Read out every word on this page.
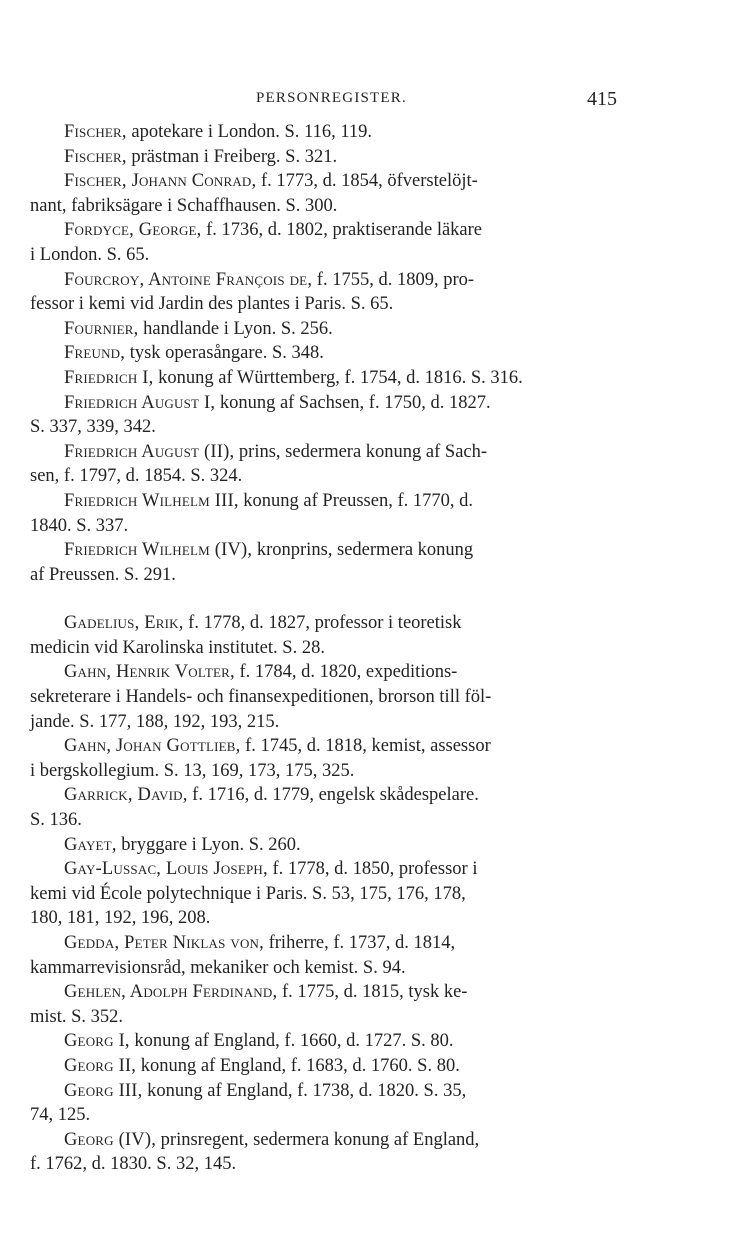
PERSONREGISTER.	415

Fischer, apotekare i London. S. 116, 119.

Fischer, prästman i Freiberg. S. 321.

Fischer, Johann Conrad, f. 1773, d. 1854, öfverstelöjt-
nant, fabriksägare i Schaffhausen. S. 300.

Fordyce, George, f. 1736, d. 1802, praktiserande läkare
i London. S. 65.

Fourcroy, Antoine François de, f. 1755, d. 1809, pro-
fessor i kemi vid Jardin des plantes i Paris. S. 65.

Fournier, handlande i Lyon. S. 256.

Freund, tysk operasångare. S. 348.

Friedrich I, konung af Württemberg, f. 1754, d. 1816. S. 316.

Friedrich August I, konung af Sachsen, f. 1750, d. 1827.
S. 337, 339, 342.

Friedrich August (II), prins, sedermera konung af Sach-
sen, f. 1797, d. 1854. S. 324.

Friedrich Wilhelm III, konung af Preussen, f. 1770, d.
1840. S. 337.

Friedrich Wilhelm (IV), kronprins, sedermera konung
af Preussen. S. 291.

Gadelius, Erik, f. 1778, d. 1827, professor i teoretisk
medicin vid Karolinska institutet. S. 28.

Gahn, Henrik Volter, f. 1784, d. 1820, expeditions-
sekreterare i Handels- och finansexpeditionen, brorson till föl-
jande. S. 177, 188, 192, 193, 215.

Gahn, Johan Gottlieb, f. 1745, d. 1818, kemist, assessor
i bergskollegium. S. 13, 169, 173, 175, 325.

Garrick, David, f. 1716, d. 1779, engelsk skådespelare.
S. 136.

Gayet, bryggare i Lyon. S. 260.

Gay-Lussac, Louis Joseph, f. 1778, d. 1850, professor i
kemi vid École polytechnique i Paris. S. 53, 175, 176, 178,
180, 181, 192, 196, 208.

Gedda, Peter Niklas von, friherre, f. 1737, d. 1814,
kammarrevisionsråd, mekaniker och kemist. S. 94.

Gehlen, Adolph Ferdinand, f. 1775, d. 1815, tysk ke-
mist. S. 352.

Georg I, konung af England, f. 1660, d. 1727. S. 80.

Georg II, konung af England, f. 1683, d. 1760. S. 80.

Georg III, konung af England, f. 1738, d. 1820. S. 35,
74, 125.

Georg (IV), prinsregent, sedermera konung af England,
f. 1762, d. 1830. S. 32, 145.
